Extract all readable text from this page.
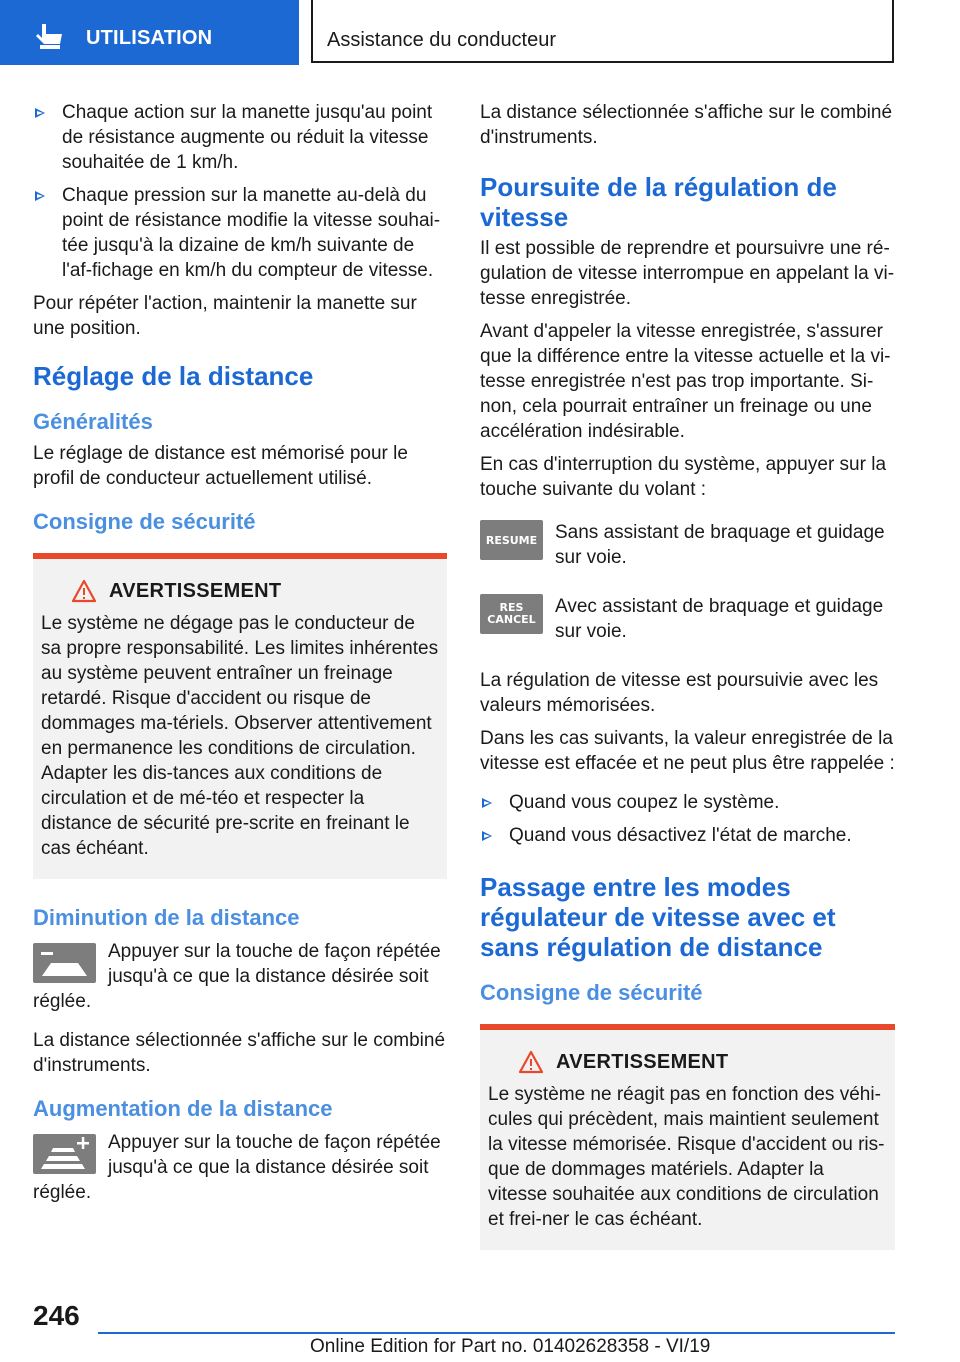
UTILISATION	Assistance du conducteur
Chaque action sur la manette jusqu'au point de résistance augmente ou réduit la vitesse souhaitée de 1 km/h.
Chaque pression sur la manette au-delà du point de résistance modifie la vitesse souhai-tée jusqu'à la dizaine de km/h suivante de l'af-fichage en km/h du compteur de vitesse.

Pour répéter l'action, maintenir la manette sur une position.

Réglage de la distance
Généralités

Le réglage de distance est mémorisé pour le profil de conducteur actuellement utilisé.

Consigne de sécurité
AVERTISSEMENT

Le système ne dégage pas le conducteur de sa propre responsabilité. Les limites inhérentes au système peuvent entraîner un freinage retardé. Risque d'accident ou risque de dommages ma-tériels. Observer attentivement en permanence les conditions de circulation. Adapter les dis-tances aux conditions de circulation et de mé-téo et respecter la distance de sécurité pre-scrite en freinant le cas échéant.

Diminution de la distance

Appuyer sur la touche de façon répétée jusqu'à ce que la distance désirée soit réglée.

La distance sélectionnée s'affiche sur le combiné d'instruments.

Augmentation de la distance

Appuyer sur la touche de façon répétée jusqu'à ce que la distance désirée soit réglée.

La distance sélectionnée s'affiche sur le combiné d'instruments.

Poursuite de la régulation de vitesse

Il est possible de reprendre et poursuivre une ré-gulation de vitesse interrompue en appelant la vi-tesse enregistrée.

Avant d'appeler la vitesse enregistrée, s'assurer que la différence entre la vitesse actuelle et la vi-tesse enregistrée n'est pas trop importante. Si-non, cela pourrait entraîner un freinage ou une accélération indésirable.

En cas d'interruption du système, appuyer sur la touche suivante du volant :

RESUME Sans assistant de braquage et guidage sur voie.

RES
CANCEL

Avec assistant de braquage et guidage sur voie.

La régulation de vitesse est poursuivie avec les valeurs mémorisées.

Dans les cas suivants, la valeur enregistrée de la vitesse est effacée et ne peut plus être rappelée :

Quand vous coupez le système.
Quand vous désactivez l'état de marche.
Passage entre les modes régulateur de vitesse avec et sans régulation de distance
Consigne de sécurité
AVERTISSEMENT

Le système ne réagit pas en fonction des véhi-cules qui précèdent, mais maintient seulement la vitesse mémorisée. Risque d'accident ou ris-que de dommages matériels. Adapter la vitesse souhaitée aux conditions de circulation et frei-ner le cas échéant.

246
Online Edition for Part no. 01402628358 - VI/19
